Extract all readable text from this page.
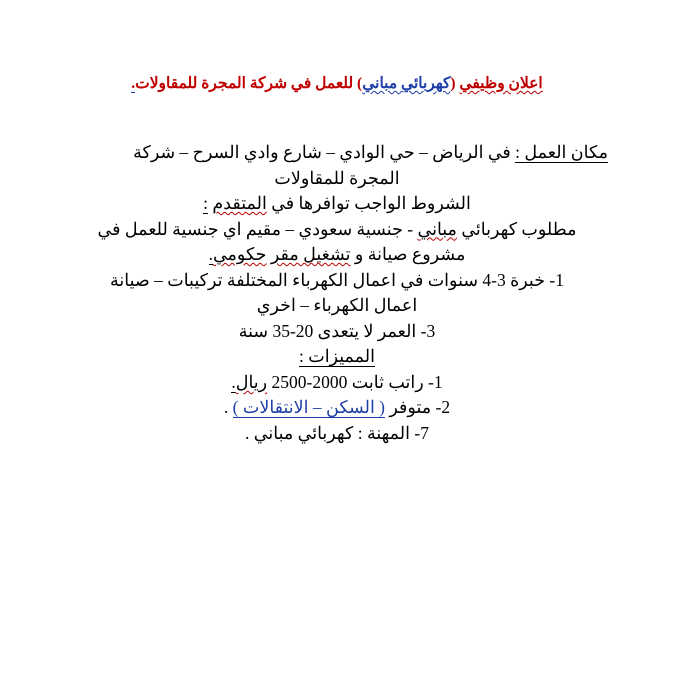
اعلان وظيفي (كهربائي مباني) للعمل في شركة المجرة للمقاولات.

مكان العمل : في الرياض – حي الوادي – شارع وادي السرح – شركة

المجرة للمقاولات

الشروط الواجب توافرها في المتقدم :

مطلوب كهربائي مباني - جنسية سعودي – مقيم اي جنسية للعمل في

مشروع صيانة و تشغيل مقر حكومي.

1- خبرة 3-4 سنوات في اعمال الكهرباء المختلفة تركيبات – صيانة

اعمال الكهرباء – اخري

3- العمر لا يتعدى 20-35 سنة

المميزات :

1- راتب ثابت 2000-2500 ريال.

2- متوفر ( السكن – الانتقالات ) .

7- المهنة : كهربائي مباني .
